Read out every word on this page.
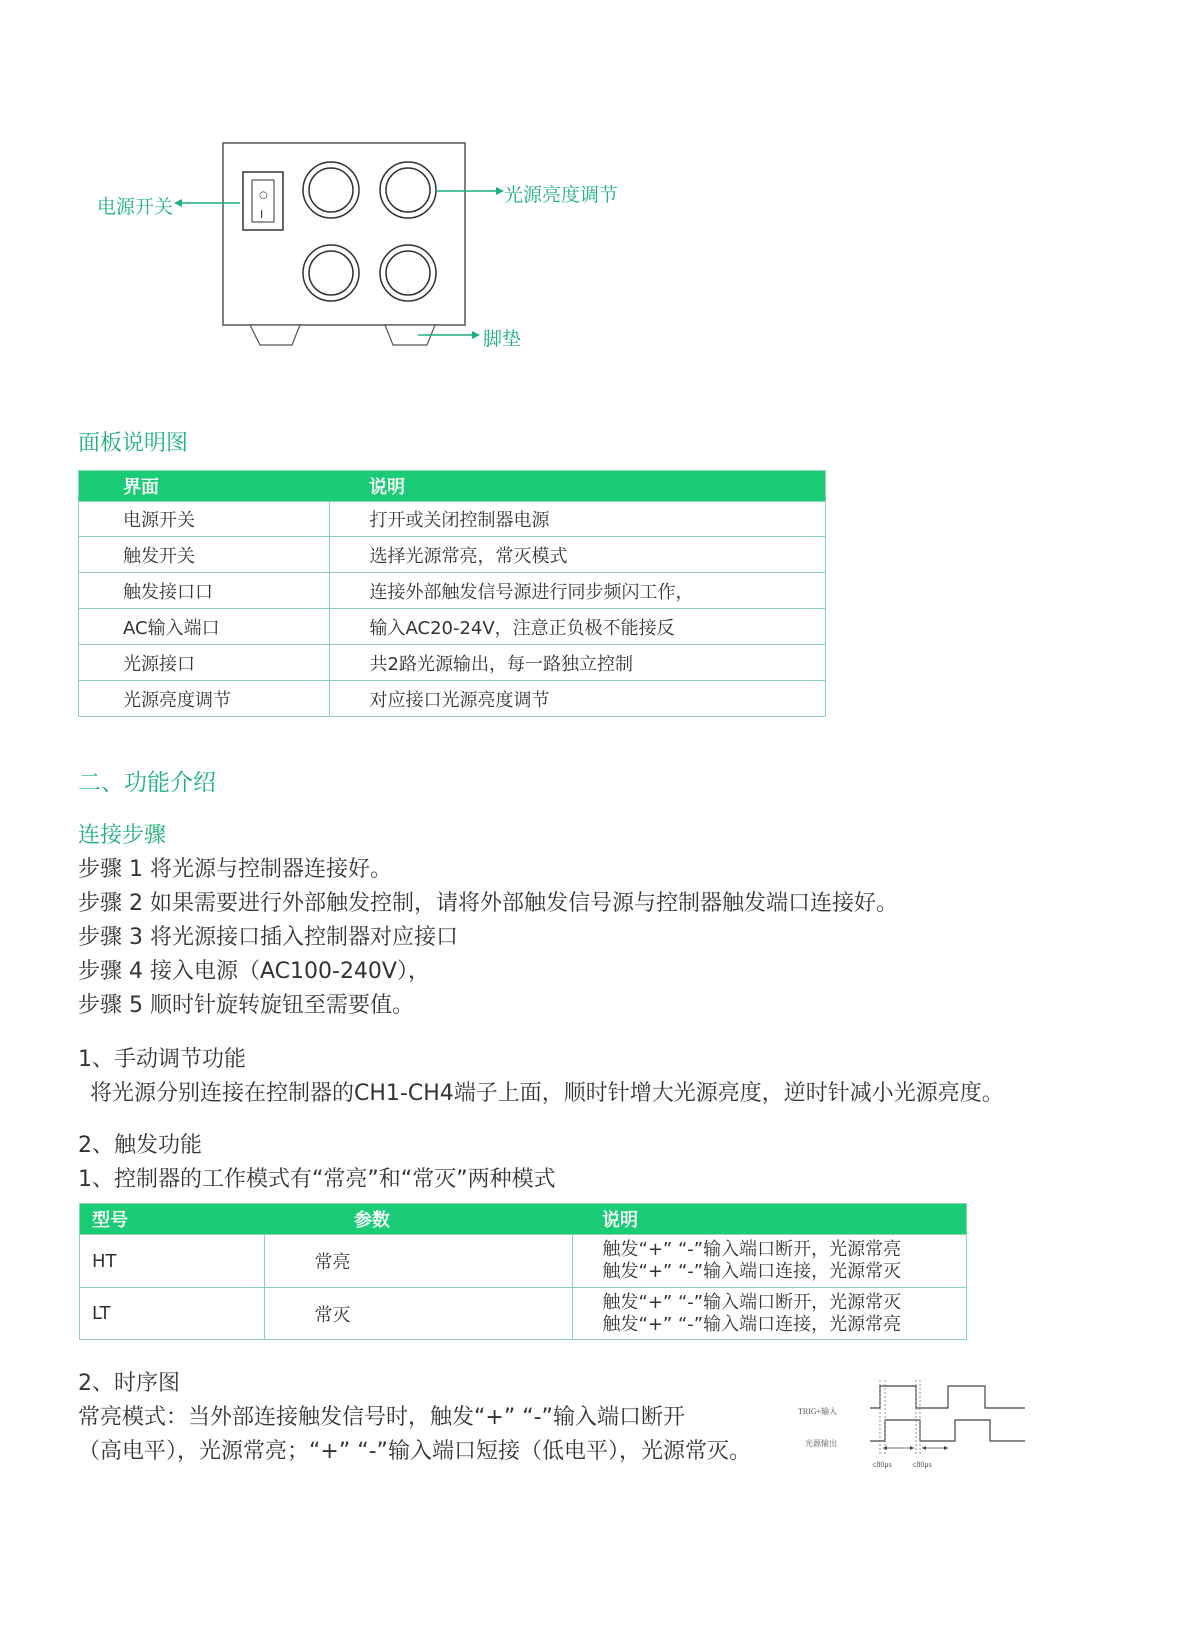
○
I
电源开关
光源亮度调节
脚垫
面板说明图
界面	说明
电源开关	打开或关闭控制器电源
触发开关	选择光源常亮，常灭模式
触发接口口	连接外部触发信号源进行同步频闪工作，
AC输入端口	输入AC20-24V，注意正负极不能接反
光源接口	共2路光源输出，每一路独立控制
光源亮度调节	对应接口光源亮度调节
二、功能介绍
连接步骤
步骤 1 将光源与控制器连接好。
步骤 2 如果需要进行外部触发控制，请将外部触发信号源与控制器触发端口连接好。
步骤 3 将光源接口插入控制器对应接口
步骤 4 接入电源（AC100-240V），
步骤 5 顺时针旋转旋钮至需要值。
1、手动调节功能
将光源分别连接在控制器的CH1-CH4端子上面，顺时针增大光源亮度，逆时针减小光源亮度。
2、触发功能
1、控制器的工作模式有“常亮”和“常灭”两种模式
型号	参数	说明
HT	常亮	触发“+” “-”输入端口断开，光源常亮
触发“+” “-”输入端口连接，光源常灭

LT	常灭	触发“+” “-”输入端口断开，光源常灭
触发“+” “-”输入端口连接，光源常亮
2、时序图
常亮模式：当外部连接触发信号时，触发“+” “-”输入端口断开
（高电平），光源常亮；“+” “-”输入端口短接（低电平），光源常灭。
TRIG+输入
光源输出
≤80μs	≤80μs
